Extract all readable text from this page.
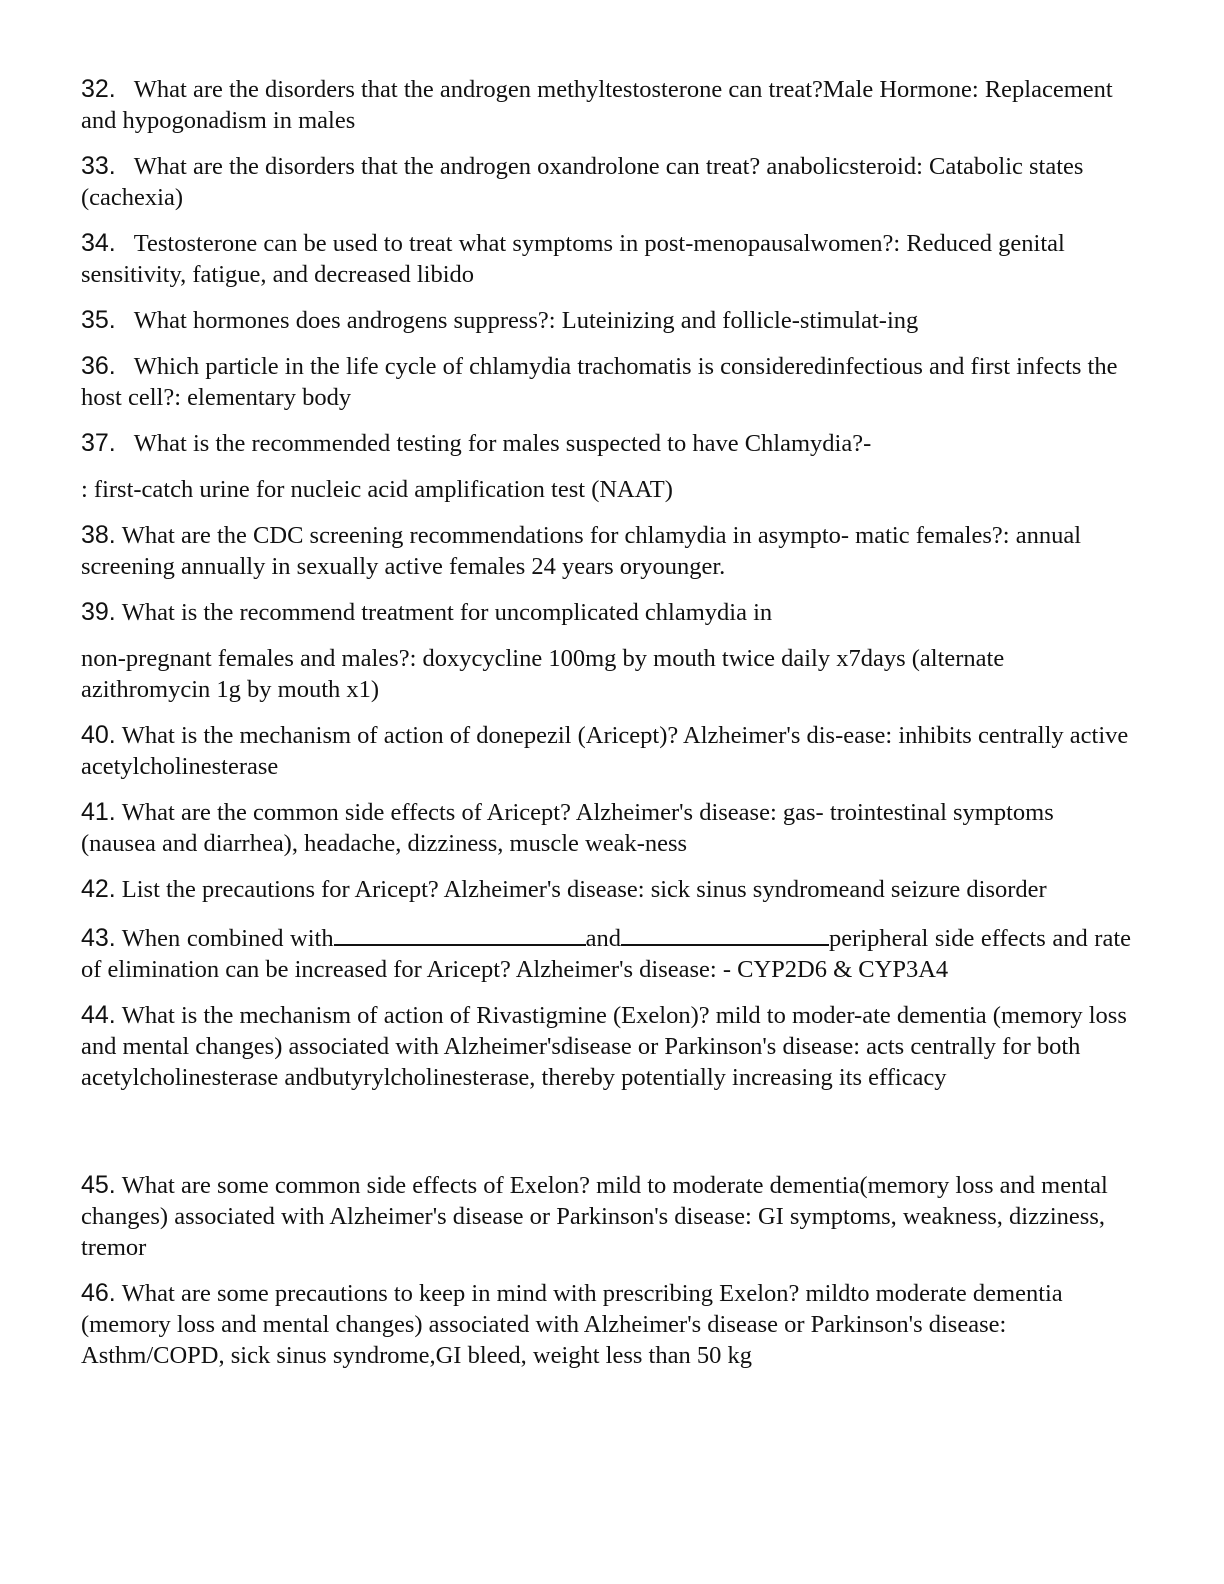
32. What are the disorders that the androgen methyltestosterone can treat?Male Hormone: Replacement and hypogonadism in males

33. What are the disorders that the androgen oxandrolone can treat? anabolicsteroid: Catabolic states (cachexia)

34. Testosterone can be used to treat what symptoms in post-menopausalwomen?: Reduced genital sensitivity, fatigue, and decreased libido

35. What hormones does androgens suppress?: Luteinizing and follicle-stimulat-ing

36. Which particle in the life cycle of chlamydia trachomatis is consideredinfectious and first infects the host cell?: elementary body

37. What is the recommended testing for males suspected to have Chlamydia?-

: first-catch urine for nucleic acid amplification test (NAAT)

38. What are the CDC screening recommendations for chlamydia in asympto- matic females?: annual screening annually in sexually active females 24 years oryounger.

39. What is the recommend treatment for uncomplicated chlamydia in

non-pregnant females and males?: doxycycline 100mg by mouth twice daily x7days (alternate azithromycin 1g by mouth x1)

40. What is the mechanism of action of donepezil (Aricept)? Alzheimer's dis-ease: inhibits centrally active acetylcholinesterase

41. What are the common side effects of Aricept? Alzheimer's disease: gas- trointestinal symptoms (nausea and diarrhea), headache, dizziness, muscle weak-ness

42. List the precautions for Aricept? Alzheimer's disease: sick sinus syndromeand seizure disorder

43. When combined with	and	peripheral side effects and rate of elimination can be increased for Aricept? Alzheimer's disease: - CYP2D6 & CYP3A4

44. What is the mechanism of action of Rivastigmine (Exelon)? mild to moder-ate dementia (memory loss and mental changes) associated with Alzheimer'sdisease or Parkinson's disease: acts centrally for both acetylcholinesterase andbutyrylcholinesterase, thereby potentially increasing its efficacy

45. What are some common side effects of Exelon? mild to moderate dementia(memory loss and mental changes) associated with Alzheimer's disease or Parkinson's disease: GI symptoms, weakness, dizziness, tremor

46. What are some precautions to keep in mind with prescribing Exelon? mildto moderate dementia (memory loss and mental changes) associated with Alzheimer's disease or Parkinson's disease: Asthm/COPD, sick sinus syndrome,GI bleed, weight less than 50 kg
